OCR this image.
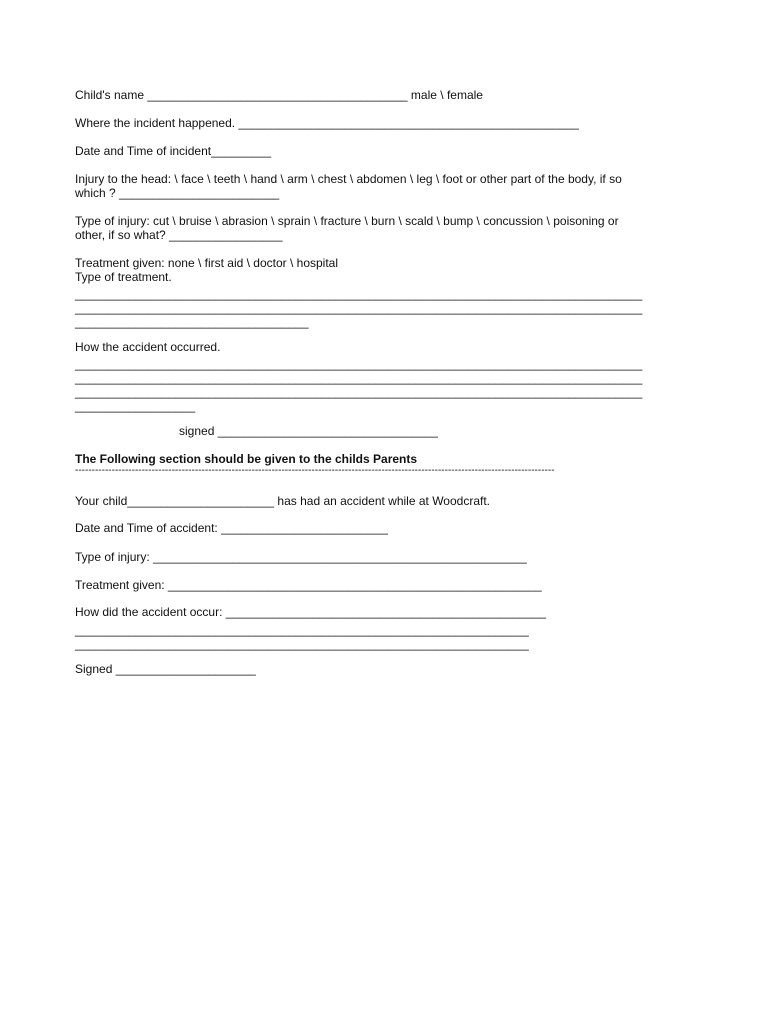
Child's name _______________________________________ male \ female
Where the incident happened. ___________________________________________________
Date and Time of incident_________
Injury to the head: \ face \ teeth \ hand \ arm \ chest \ abdomen \ leg \ foot or other part of the body, if so
which ? ________________________
Type of injury: cut \ bruise \ abrasion \ sprain \ fracture \ burn \ scald \ bump \ concussion \ poisoning or
other, if so what? _________________
Treatment given: none \ first aid \ doctor \ hospital
Type of treatment.
_____________________________________________________________________________________
_____________________________________________________________________________________
___________________________________
How the accident occurred.
_____________________________________________________________________________________
_____________________________________________________________________________________
_____________________________________________________________________________________
__________________
signed _________________________________
The Following section should be given to the childs Parents
------------------------------------------------------------------------------------------------------------------------------------------------
Your child______________________ has had an accident while at Woodcraft.
Date and Time of accident: _________________________
Type of injury: ________________________________________________________
Treatment given: ________________________________________________________
How did the accident occur: ________________________________________________
____________________________________________________________________
____________________________________________________________________
Signed _____________________
